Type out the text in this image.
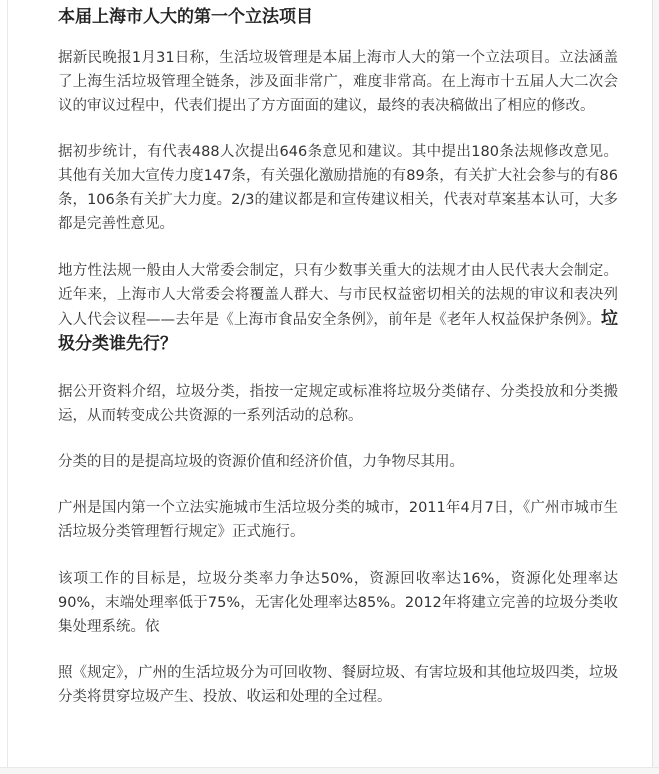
本届上海市人大的第一个立法项目

据新民晚报1月31日称，生活垃圾管理是本届上海市人大的第一个立法项目。立法涵盖了上海生活垃圾管理全链条，涉及面非常广，难度非常高。在上海市十五届人大二次会议的审议过程中，代表们提出了方方面面的建议，最终的表决稿做出了相应的修改。

据初步统计，有代表488人次提出646条意见和建议。其中提出180条法规修改意见。其他有关加大宣传力度147条，有关强化激励措施的有89条，有关扩大社会参与的有86条，106条有关扩大力度。2/3的建议都是和宣传建议相关，代表对草案基本认可，大多都是完善性意见。

地方性法规一般由人大常委会制定，只有少数事关重大的法规才由人民代表大会制定。近年来，上海市人大常委会将覆盖人群大、与市民权益密切相关的法规的审议和表决列入人代会议程——去年是《上海市食品安全条例》，前年是《老年人权益保护条例》。垃圾分类谁先行？

据公开资料介绍，垃圾分类，指按一定规定或标准将垃圾分类储存、分类投放和分类搬运，从而转变成公共资源的一系列活动的总称。

分类的目的是提高垃圾的资源价值和经济价值，力争物尽其用。

广州是国内第一个立法实施城市生活垃圾分类的城市，2011年4月7日，《广州市城市生活垃圾分类管理暂行规定》正式施行。

该项工作的目标是，垃圾分类率力争达50%，资源回收率达16%，资源化处理率达90%，末端处理率低于75%，无害化处理率达85%。2012年将建立完善的垃圾分类收集处理系统。依

照《规定》，广州的生活垃圾分为可回收物、餐厨垃圾、有害垃圾和其他垃圾四类，垃圾分类将贯穿垃圾产生、投放、收运和处理的全过程。
